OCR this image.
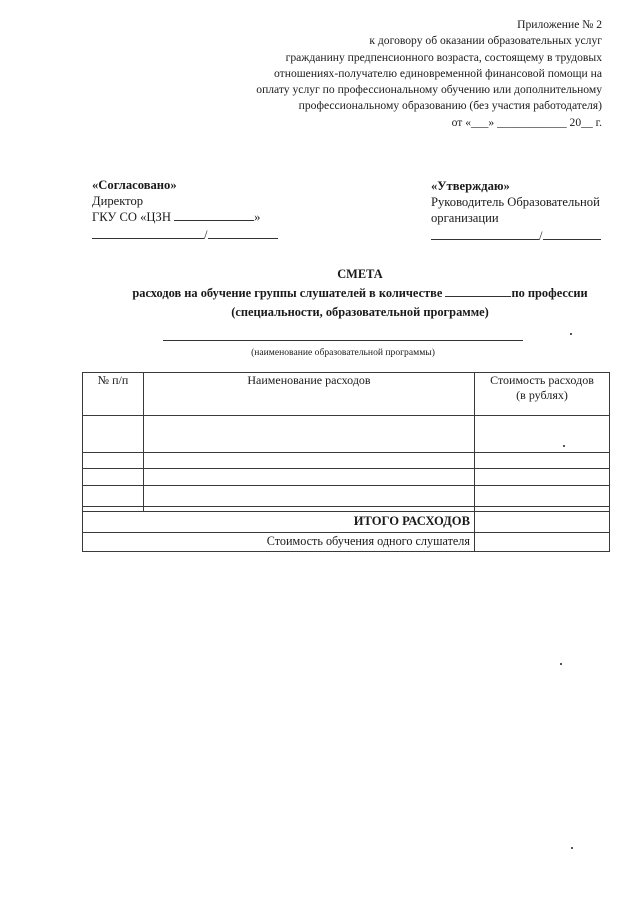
Приложение № 2
к договору об оказании образовательных услуг
гражданину предпенсионного возраста, состоящему в трудовых
отношениях-получателю единовременной финансовой помощи на
оплату услуг по профессиональному обучению или дополнительному
профессиональному образованию (без участия работодателя)
от «___» ____________ 20__ г.
«Согласовано»
Директор
ГКУ СО «ЦЗН	»
/
«Утверждаю»
Руководитель Образовательной
организации
/
СМЕТА
расходов на обучение группы слушателей в количестве	по профессии
(специальности, образовательной программе)
(наименование образовательной программы)
№ п/п	Наименование расходов	Стоимость расходов
(в рублях)

ИТОГО РАСХОДОВ		
Стоимость обучения одного слушателя		
